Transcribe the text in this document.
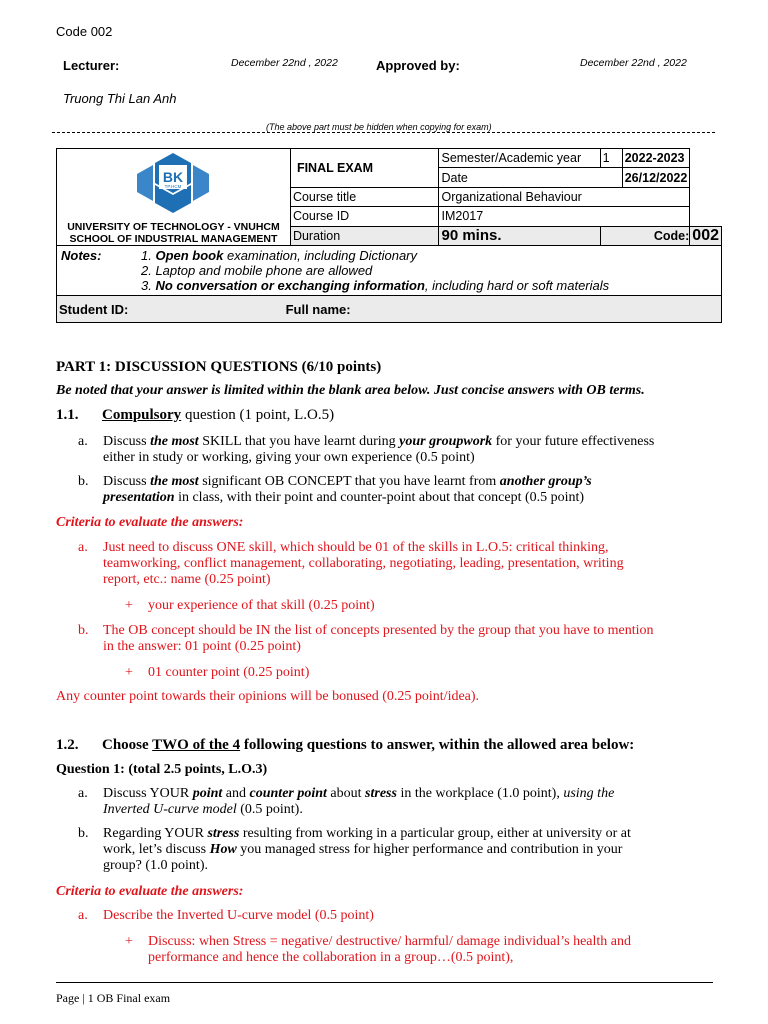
Code 002
Lecturer:	December 22nd , 2022	Approved by:	December 22nd , 2022
Truong Thi Lan Anh
(The above part must be hidden when copying for exam)
BK
TP.HCM
UNIVERSITY OF TECHNOLOGY - VNUHCM
SCHOOL OF INDUSTRIAL MANAGEMENT	FINAL EXAM	Semester/Academic year	1	2022-2023	
		Date		26/12/2022	
	Course title	Organizational Behaviour			
	Course ID	IM2017			
	Duration	90 mins.	Code:		002

Notes: 1. Open book examination, including Dictionary
2. Laptop and mobile phone are allowed
3. No conversation or exchanging information, including hard or soft materials					

Student ID: Full name:					
PART 1: DISCUSSION QUESTIONS (6/10 points)
Be noted that your answer is limited within the blank area below. Just concise answers with OB terms.
1.1. Compulsory question (1 point, L.O.5)
a. Discuss the most SKILL that you have learnt during your groupwork for your future effectiveness
either in study or working, giving your own experience (0.5 point)
b. Discuss the most significant OB CONCEPT that you have learnt from another group’s
presentation in class, with their point and counter-point about that concept (0.5 point)
Criteria to evaluate the answers:
a. Just need to discuss ONE skill, which should be 01 of the skills in L.O.5: critical thinking,
teamworking, conflict management, collaborating, negotiating, leading, presentation, writing
report, etc.: name (0.25 point)
+ your experience of that skill (0.25 point)
b. The OB concept should be IN the list of concepts presented by the group that you have to mention
in the answer: 01 point (0.25 point)
+ 01 counter point (0.25 point)
Any counter point towards their opinions will be bonused (0.25 point/idea).
1.2. Choose TWO of the 4 following questions to answer, within the allowed area below:
Question 1: (total 2.5 points, L.O.3)
a. Discuss YOUR point and counter point about stress in the workplace (1.0 point), using the
Inverted U-curve model (0.5 point).
b. Regarding YOUR stress resulting from working in a particular group, either at university or at
work, let’s discuss How you managed stress for higher performance and contribution in your
group? (1.0 point).
Criteria to evaluate the answers:
a. Describe the Inverted U-curve model (0.5 point)
+ Discuss: when Stress = negative/ destructive/ harmful/ damage individual’s health and
performance and hence the collaboration in a group…(0.5 point),
Page | 1 OB Final exam
